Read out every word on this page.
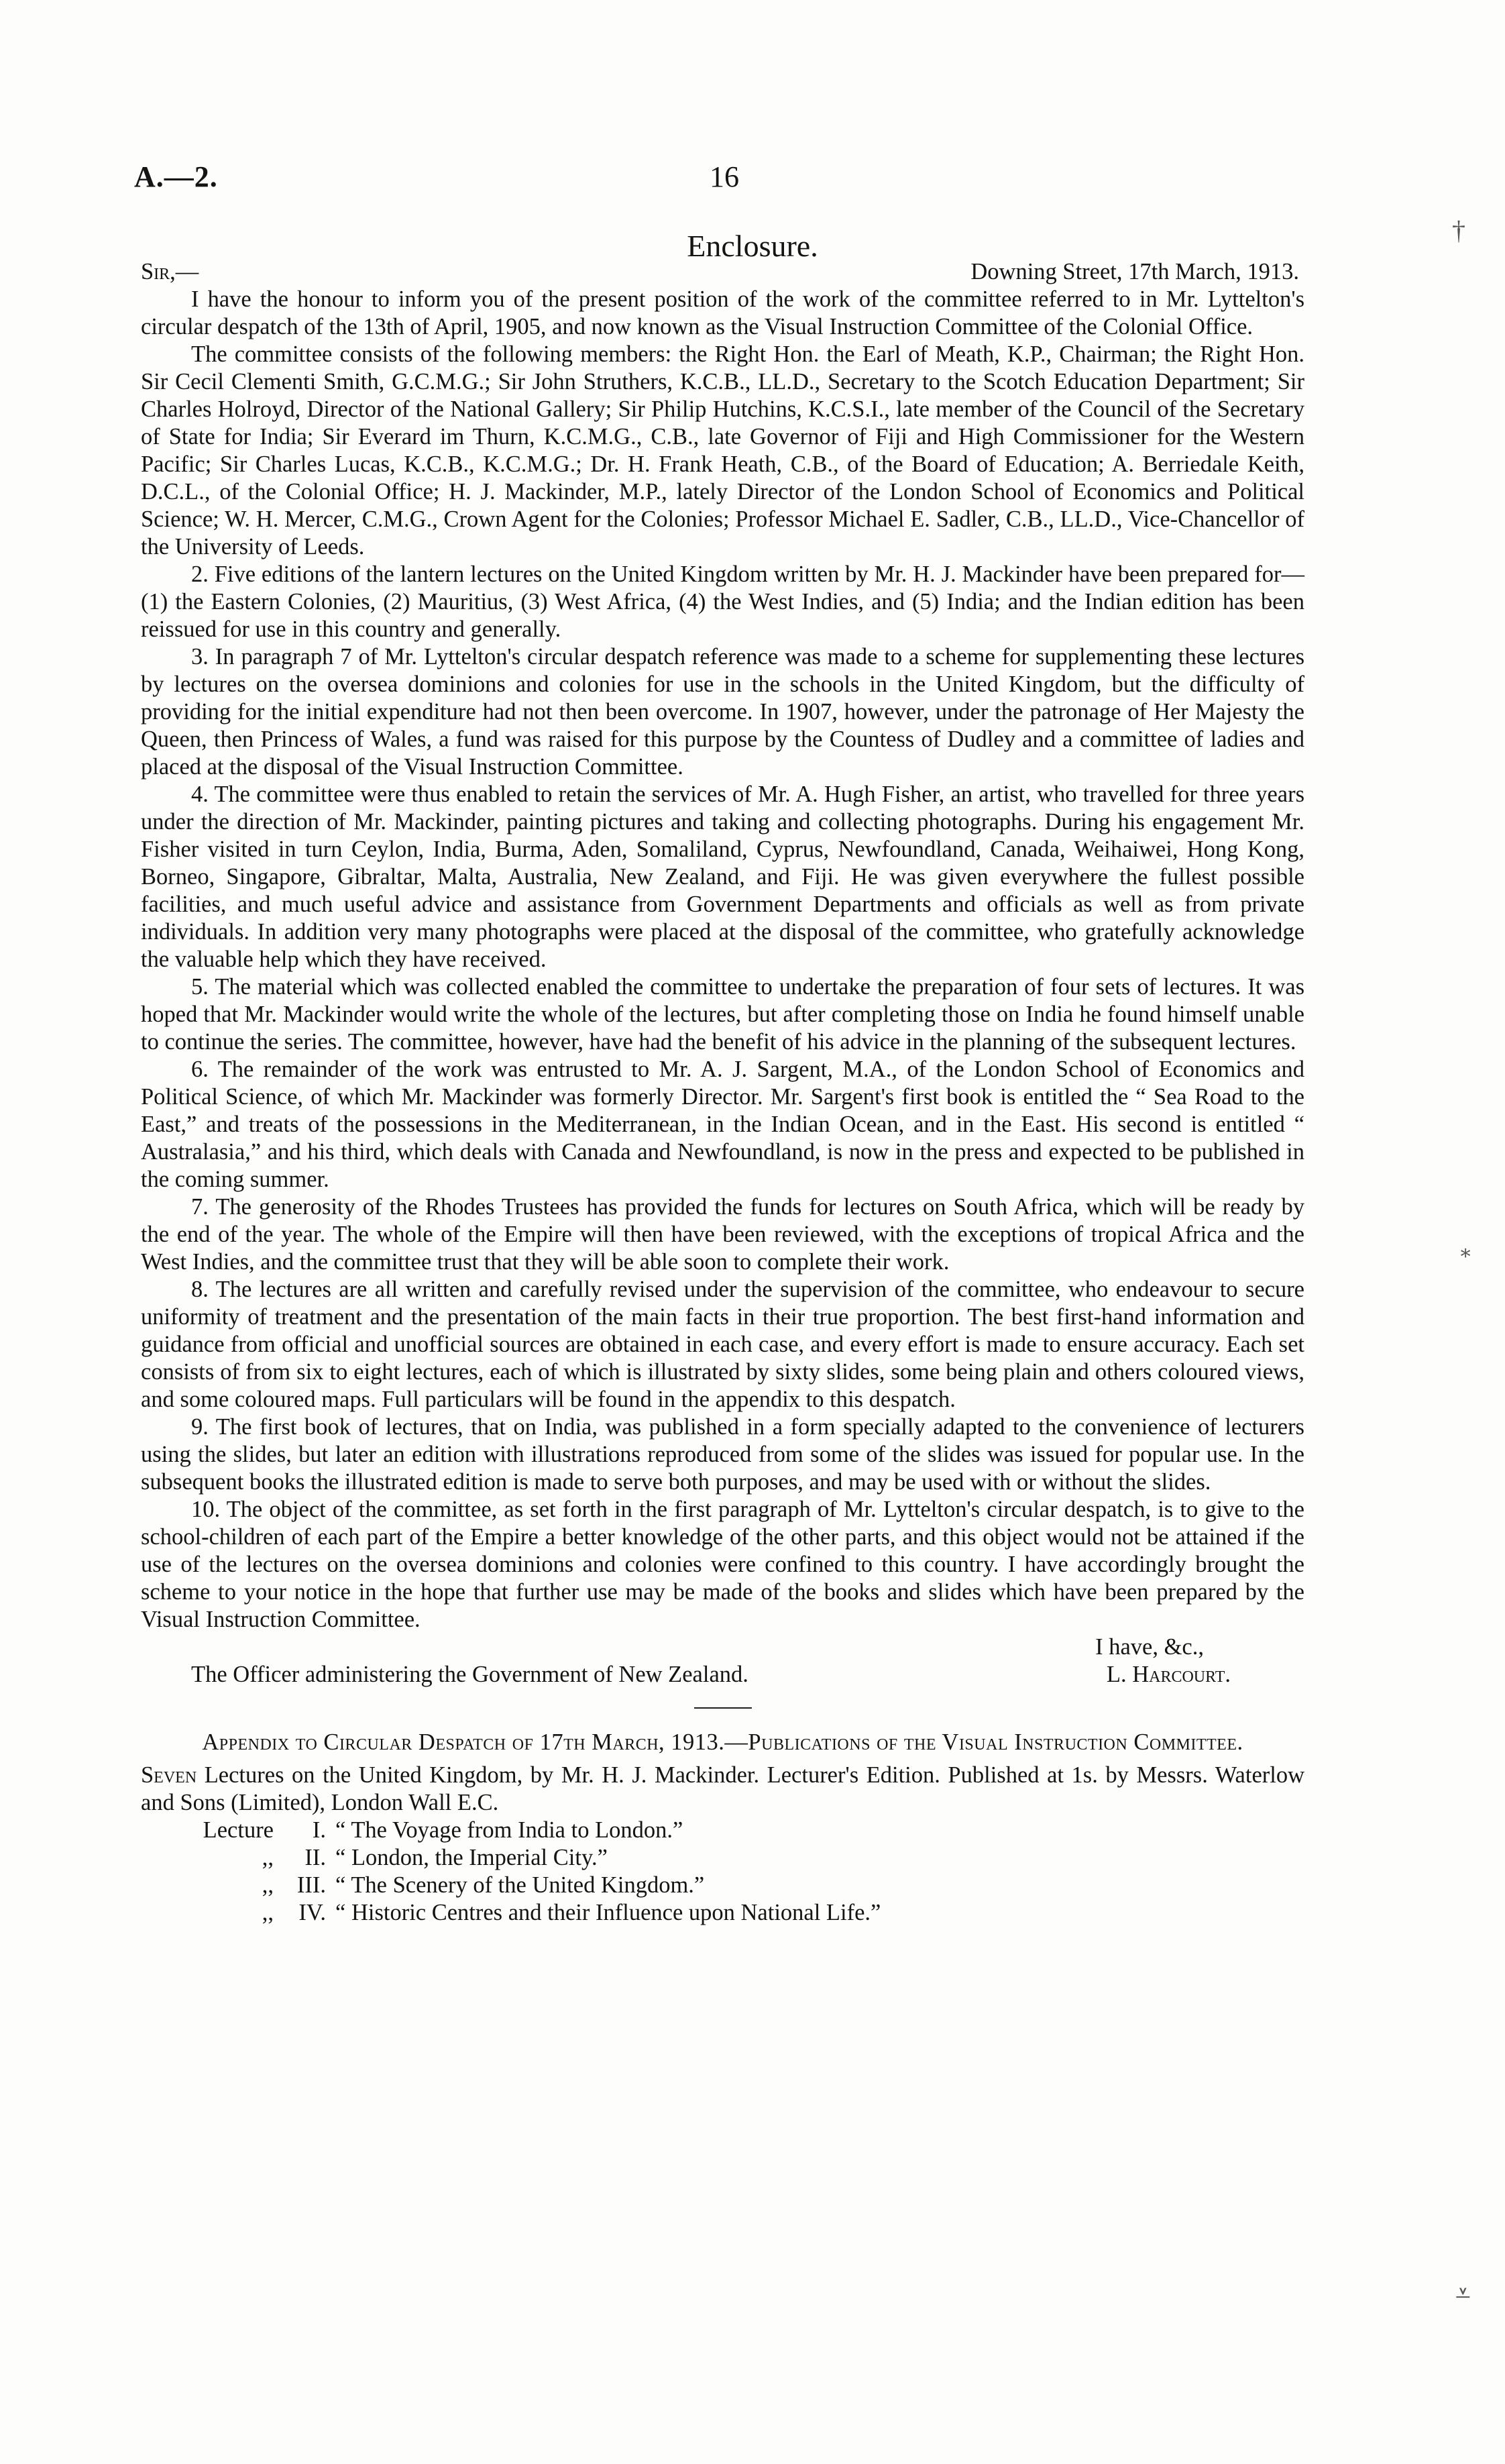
A.—2.	16
Enclosure.
Sir,—	Downing Street, 17th March, 1913.

I have the honour to inform you of the present position of the work of the committee referred to in Mr. Lyttelton's circular despatch of the 13th of April, 1905, and now known as the Visual Instruction Committee of the Colonial Office.

The committee consists of the following members: the Right Hon. the Earl of Meath, K.P., Chairman; the Right Hon. Sir Cecil Clementi Smith, G.C.M.G.; Sir John Struthers, K.C.B., LL.D., Secretary to the Scotch Education Department; Sir Charles Holroyd, Director of the National Gallery; Sir Philip Hutchins, K.C.S.I., late member of the Council of the Secretary of State for India; Sir Everard im Thurn, K.C.M.G., C.B., late Governor of Fiji and High Commissioner for the Western Pacific; Sir Charles Lucas, K.C.B., K.C.M.G.; Dr. H. Frank Heath, C.B., of the Board of Education; A. Berriedale Keith, D.C.L., of the Colonial Office; H. J. Mackinder, M.P., lately Director of the London School of Economics and Political Science; W. H. Mercer, C.M.G., Crown Agent for the Colonies; Professor Michael E. Sadler, C.B., LL.D., Vice-Chancellor of the University of Leeds.

2. Five editions of the lantern lectures on the United Kingdom written by Mr. H. J. Mackinder have been prepared for—(1) the Eastern Colonies, (2) Mauritius, (3) West Africa, (4) the West Indies, and (5) India; and the Indian edition has been reissued for use in this country and generally.

3. In paragraph 7 of Mr. Lyttelton's circular despatch reference was made to a scheme for supplementing these lectures by lectures on the oversea dominions and colonies for use in the schools in the United Kingdom, but the difficulty of providing for the initial expenditure had not then been overcome. In 1907, however, under the patronage of Her Majesty the Queen, then Princess of Wales, a fund was raised for this purpose by the Countess of Dudley and a committee of ladies and placed at the disposal of the Visual Instruction Committee.

4. The committee were thus enabled to retain the services of Mr. A. Hugh Fisher, an artist, who travelled for three years under the direction of Mr. Mackinder, painting pictures and taking and collecting photographs. During his engagement Mr. Fisher visited in turn Ceylon, India, Burma, Aden, Somaliland, Cyprus, Newfoundland, Canada, Weihaiwei, Hong Kong, Borneo, Singapore, Gibraltar, Malta, Australia, New Zealand, and Fiji. He was given everywhere the fullest possible facilities, and much useful advice and assistance from Government Departments and officials as well as from private individuals. In addition very many photographs were placed at the disposal of the committee, who gratefully acknowledge the valuable help which they have received.

5. The material which was collected enabled the committee to undertake the preparation of four sets of lectures. It was hoped that Mr. Mackinder would write the whole of the lectures, but after completing those on India he found himself unable to continue the series. The committee, however, have had the benefit of his advice in the planning of the subsequent lectures.

6. The remainder of the work was entrusted to Mr. A. J. Sargent, M.A., of the London School of Economics and Political Science, of which Mr. Mackinder was formerly Director. Mr. Sargent's first book is entitled the “ Sea Road to the East,” and treats of the possessions in the Mediterranean, in the Indian Ocean, and in the East. His second is entitled “ Australasia,” and his third, which deals with Canada and Newfoundland, is now in the press and expected to be published in the coming summer.

7. The generosity of the Rhodes Trustees has provided the funds for lectures on South Africa, which will be ready by the end of the year. The whole of the Empire will then have been reviewed, with the exceptions of tropical Africa and the West Indies, and the committee trust that they will be able soon to complete their work.

8. The lectures are all written and carefully revised under the supervision of the committee, who endeavour to secure uniformity of treatment and the presentation of the main facts in their true proportion. The best first-hand information and guidance from official and unofficial sources are obtained in each case, and every effort is made to ensure accuracy. Each set consists of from six to eight lectures, each of which is illustrated by sixty slides, some being plain and others coloured views, and some coloured maps. Full particulars will be found in the appendix to this despatch.

9. The first book of lectures, that on India, was published in a form specially adapted to the convenience of lecturers using the slides, but later an edition with illustrations reproduced from some of the slides was issued for popular use. In the subsequent books the illustrated edition is made to serve both purposes, and may be used with or without the slides.

10. The object of the committee, as set forth in the first paragraph of Mr. Lyttelton's circular despatch, is to give to the school-children of each part of the Empire a better knowledge of the other parts, and this object would not be attained if the use of the lectures on the oversea dominions and colonies were confined to this country. I have accordingly brought the scheme to your notice in the hope that further use may be made of the books and slides which have been prepared by the Visual Instruction Committee.

I have, &c.,

The Officer administering the Government of New Zealand.	L. Harcourt.

Appendix to Circular Despatch of 17th March, 1913.—Publications of the Visual Instruction Committee.

Seven Lectures on the United Kingdom, by Mr. H. J. Mackinder. Lecturer's Edition. Published at 1s. by Messrs. Waterlow and Sons (Limited), London Wall E.C.

Lecture	I. “ The Voyage from India to London.”
,,	II. “ London, the Imperial City.”
,,	III. “ The Scenery of the United Kingdom.”
,,	IV. “ Historic Centres and their Influence upon National Life.”
†
∗
⩡
